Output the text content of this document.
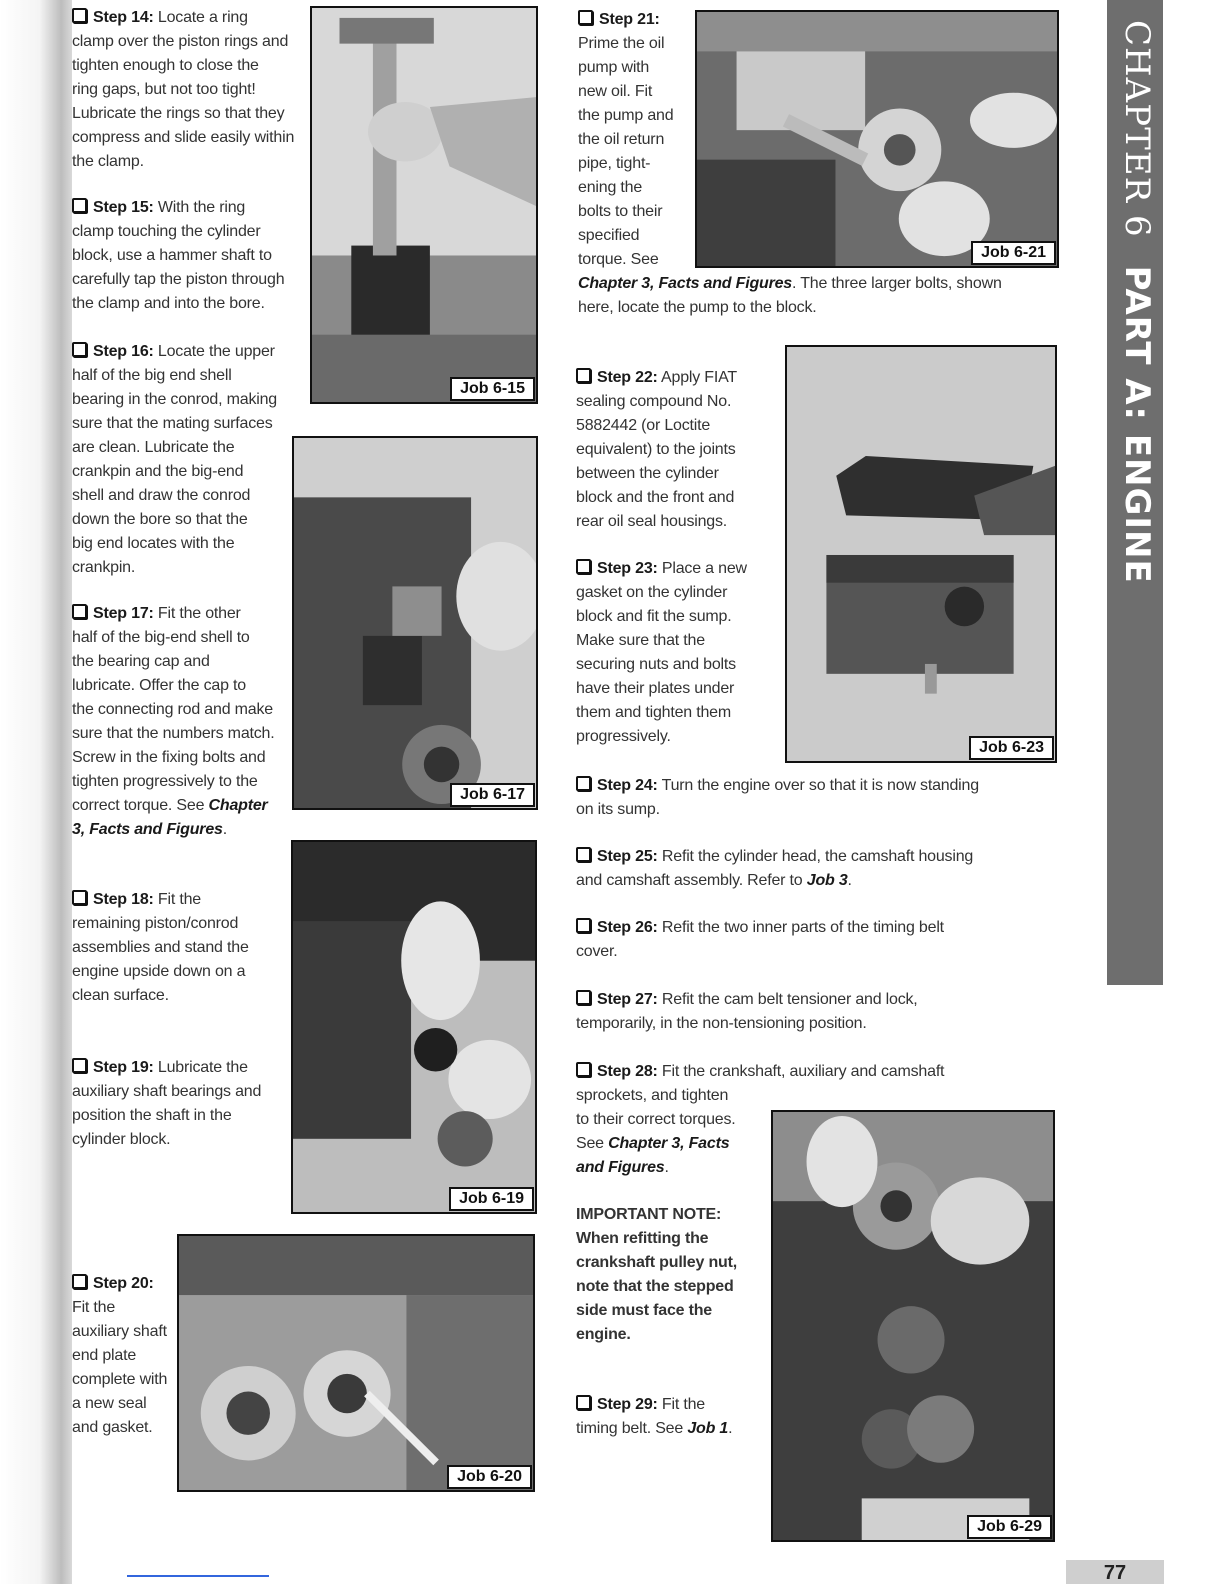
Step 14: Locate a ring
clamp over the piston rings and
tighten enough to close the
ring gaps, but not too tight!
Lubricate the rings so that they
compress and slide easily within
the clamp.
Step 15: With the ring
clamp touching the cylinder
block, use a hammer shaft to
carefully tap the piston through
the clamp and into the bore.
Step 16: Locate the upper
half of the big end shell
bearing in the conrod, making
sure that the mating surfaces
are clean. Lubricate the
crankpin and the big-end
shell and draw the conrod
down the bore so that the
big end locates with the
crankpin.
Step 17: Fit the other
half of the big-end shell to
the bearing cap and
lubricate. Offer the cap to
the connecting rod and make
sure that the numbers match.
Screw in the fixing bolts and
tighten progressively to the
correct torque. See Chapter
3, Facts and Figures.
Step 18: Fit the
remaining piston/conrod
assemblies and stand the
engine upside down on a
clean surface.
Step 19: Lubricate the
auxiliary shaft bearings and
position the shaft in the
cylinder block.
Step 20:
Fit the
auxiliary shaft
end plate
complete with
a new seal
and gasket.
Job 6-15
Job 6-17
Job 6-19
Job 6-20
Step 21:
Prime the oil
pump with
new oil. Fit
the pump and
the oil return
pipe, tight-
ening the
bolts to their
specified
torque. See
Chapter 3, Facts and Figures. The three larger bolts, shown
here, locate the pump to the block.
Step 22: Apply FIAT
sealing compound No.
5882442 (or Loctite
equivalent) to the joints
between the cylinder
block and the front and
rear oil seal housings.
Step 23: Place a new
gasket on the cylinder
block and fit the sump.
Make sure that the
securing nuts and bolts
have their plates under
them and tighten them
progressively.
Step 24: Turn the engine over so that it is now standing
on its sump.
Step 25: Refit the cylinder head, the camshaft housing
and camshaft assembly. Refer to Job 3.
Step 26: Refit the two inner parts of the timing belt
cover.
Step 27: Refit the cam belt tensioner and lock,
temporarily, in the non-tensioning position.
Step 28: Fit the crankshaft, auxiliary and camshaft
sprockets, and tighten
to their correct torques.
See Chapter 3, Facts
and Figures.
IMPORTANT NOTE:
When refitting the
crankshaft pulley nut,
note that the stepped
side must face the
engine.
Step 29: Fit the
timing belt. See Job 1.
Job 6-21
Job 6-23
Job 6-29
CHAPTER 6PART A: ENGINE
77
